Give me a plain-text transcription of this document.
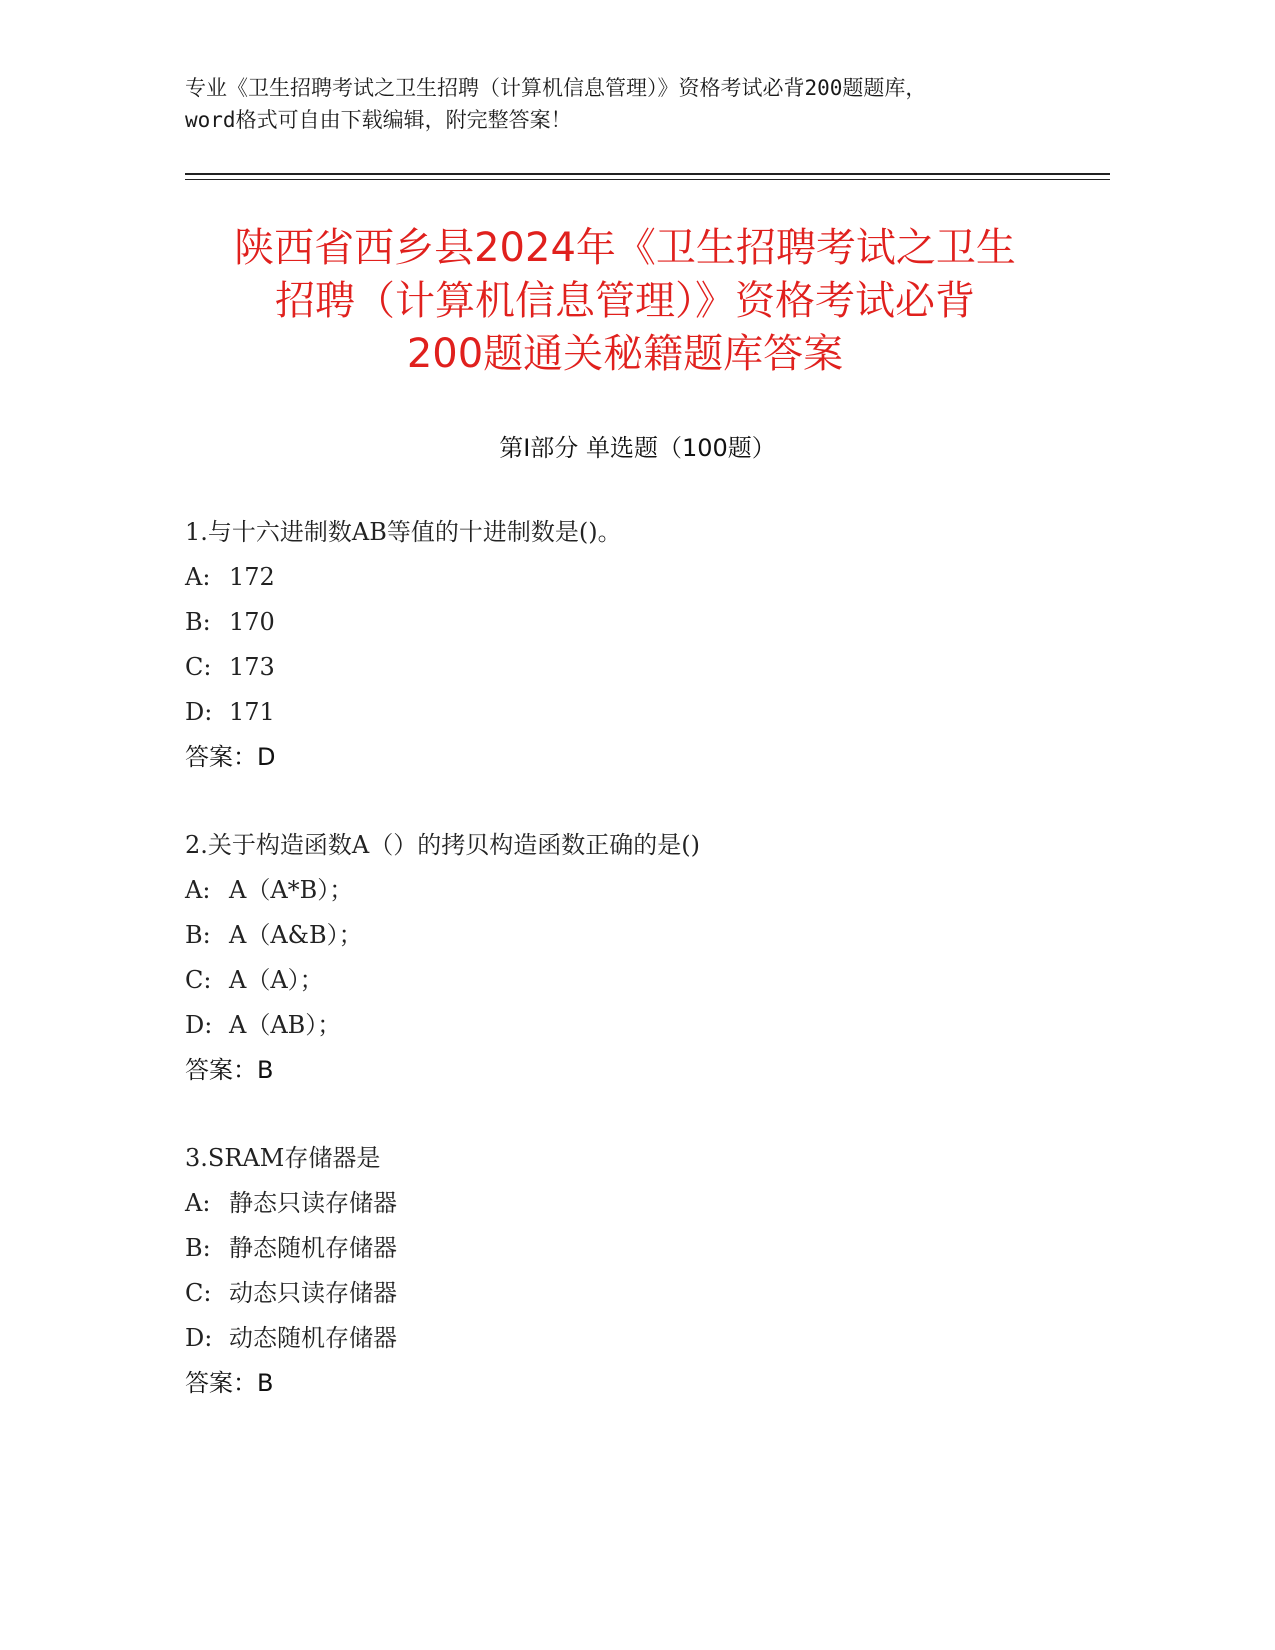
专业《卫生招聘考试之卫生招聘（计算机信息管理）》资格考试必背200题题库，
word格式可自由下载编辑，附完整答案！
陕西省西乡县2024年《卫生招聘考试之卫生
招聘（计算机信息管理）》资格考试必背
200题通关秘籍题库答案
第Ⅰ部分 单选题（100题）
1.与十六进制数AB等值的十进制数是()。
A: 172
B: 170
C: 173
D: 171
答案：D
2.关于构造函数A（）的拷贝构造函数正确的是()
A: A（A*B）；
B: A（A&B）；
C: A（A）；
D: A（AB）；
答案：B
3.SRAM存储器是
A: 静态只读存储器
B: 静态随机存储器
C: 动态只读存储器
D: 动态随机存储器
答案：B
